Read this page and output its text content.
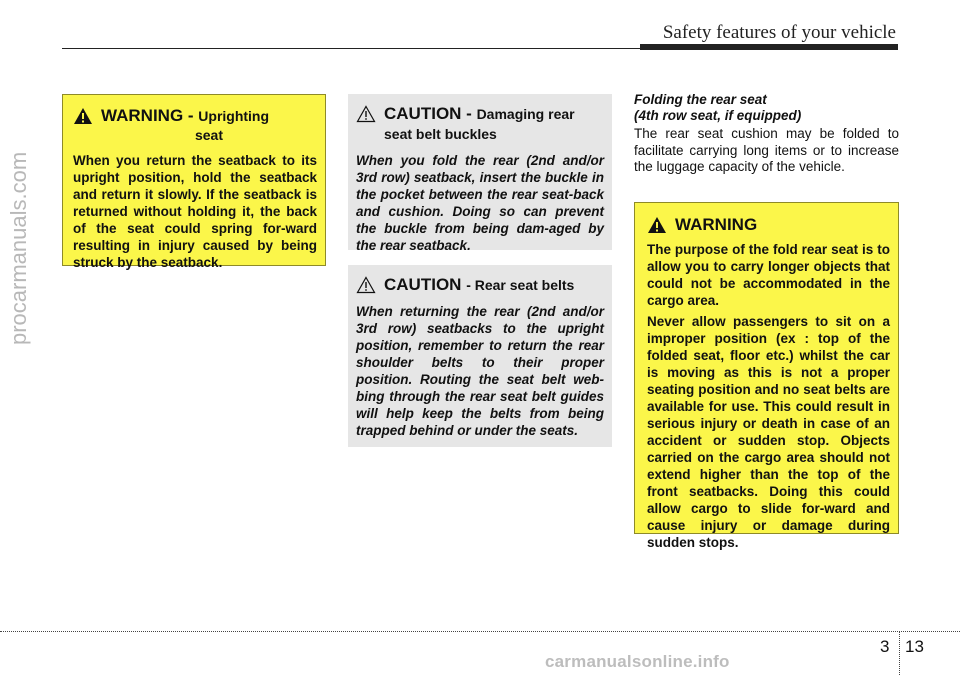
Safety features of your vehicle
procarmanuals.com
WARNING - Uprighting
seat

When you return the seatback to its upright position, hold the seatback and return it slowly. If the seatback is returned without holding it, the back of the seat could spring for-ward resulting in injury caused by being struck by the seatback.

CAUTION - Damaging rear seat belt buckles

When you fold the rear (2nd and/or 3rd row) seatback, insert the buckle in the pocket between the rear seat-back and cushion. Doing so can prevent the buckle from being dam-aged by the rear seatback.

CAUTION - Rear seat belts

When returning the rear (2nd and/or 3rd row) seatbacks to the upright position, remember to return the rear shoulder belts to their proper position. Routing the seat belt web-bing through the rear seat belt guides will help keep the belts from being trapped behind or under the seats.

Folding the rear seat
(4th row seat, if equipped)
The rear seat cushion may be folded to facilitate carrying long items or to increase the luggage capacity of the vehicle.
WARNING

The purpose of the fold rear seat is to allow you to carry longer objects that could not be accommodated in the cargo area.

Never allow passengers to sit on a improper position (ex : top of the folded seat, floor etc.) whilst the car is moving as this is not a proper seating position and no seat belts are available for use. This could result in serious injury or death in case of an accident or sudden stop. Objects carried on the cargo area should not extend higher than the top of the front seatbacks. Doing this could allow cargo to slide for-ward and cause injury or damage during sudden stops.

3 13
carmanualsonline.info
